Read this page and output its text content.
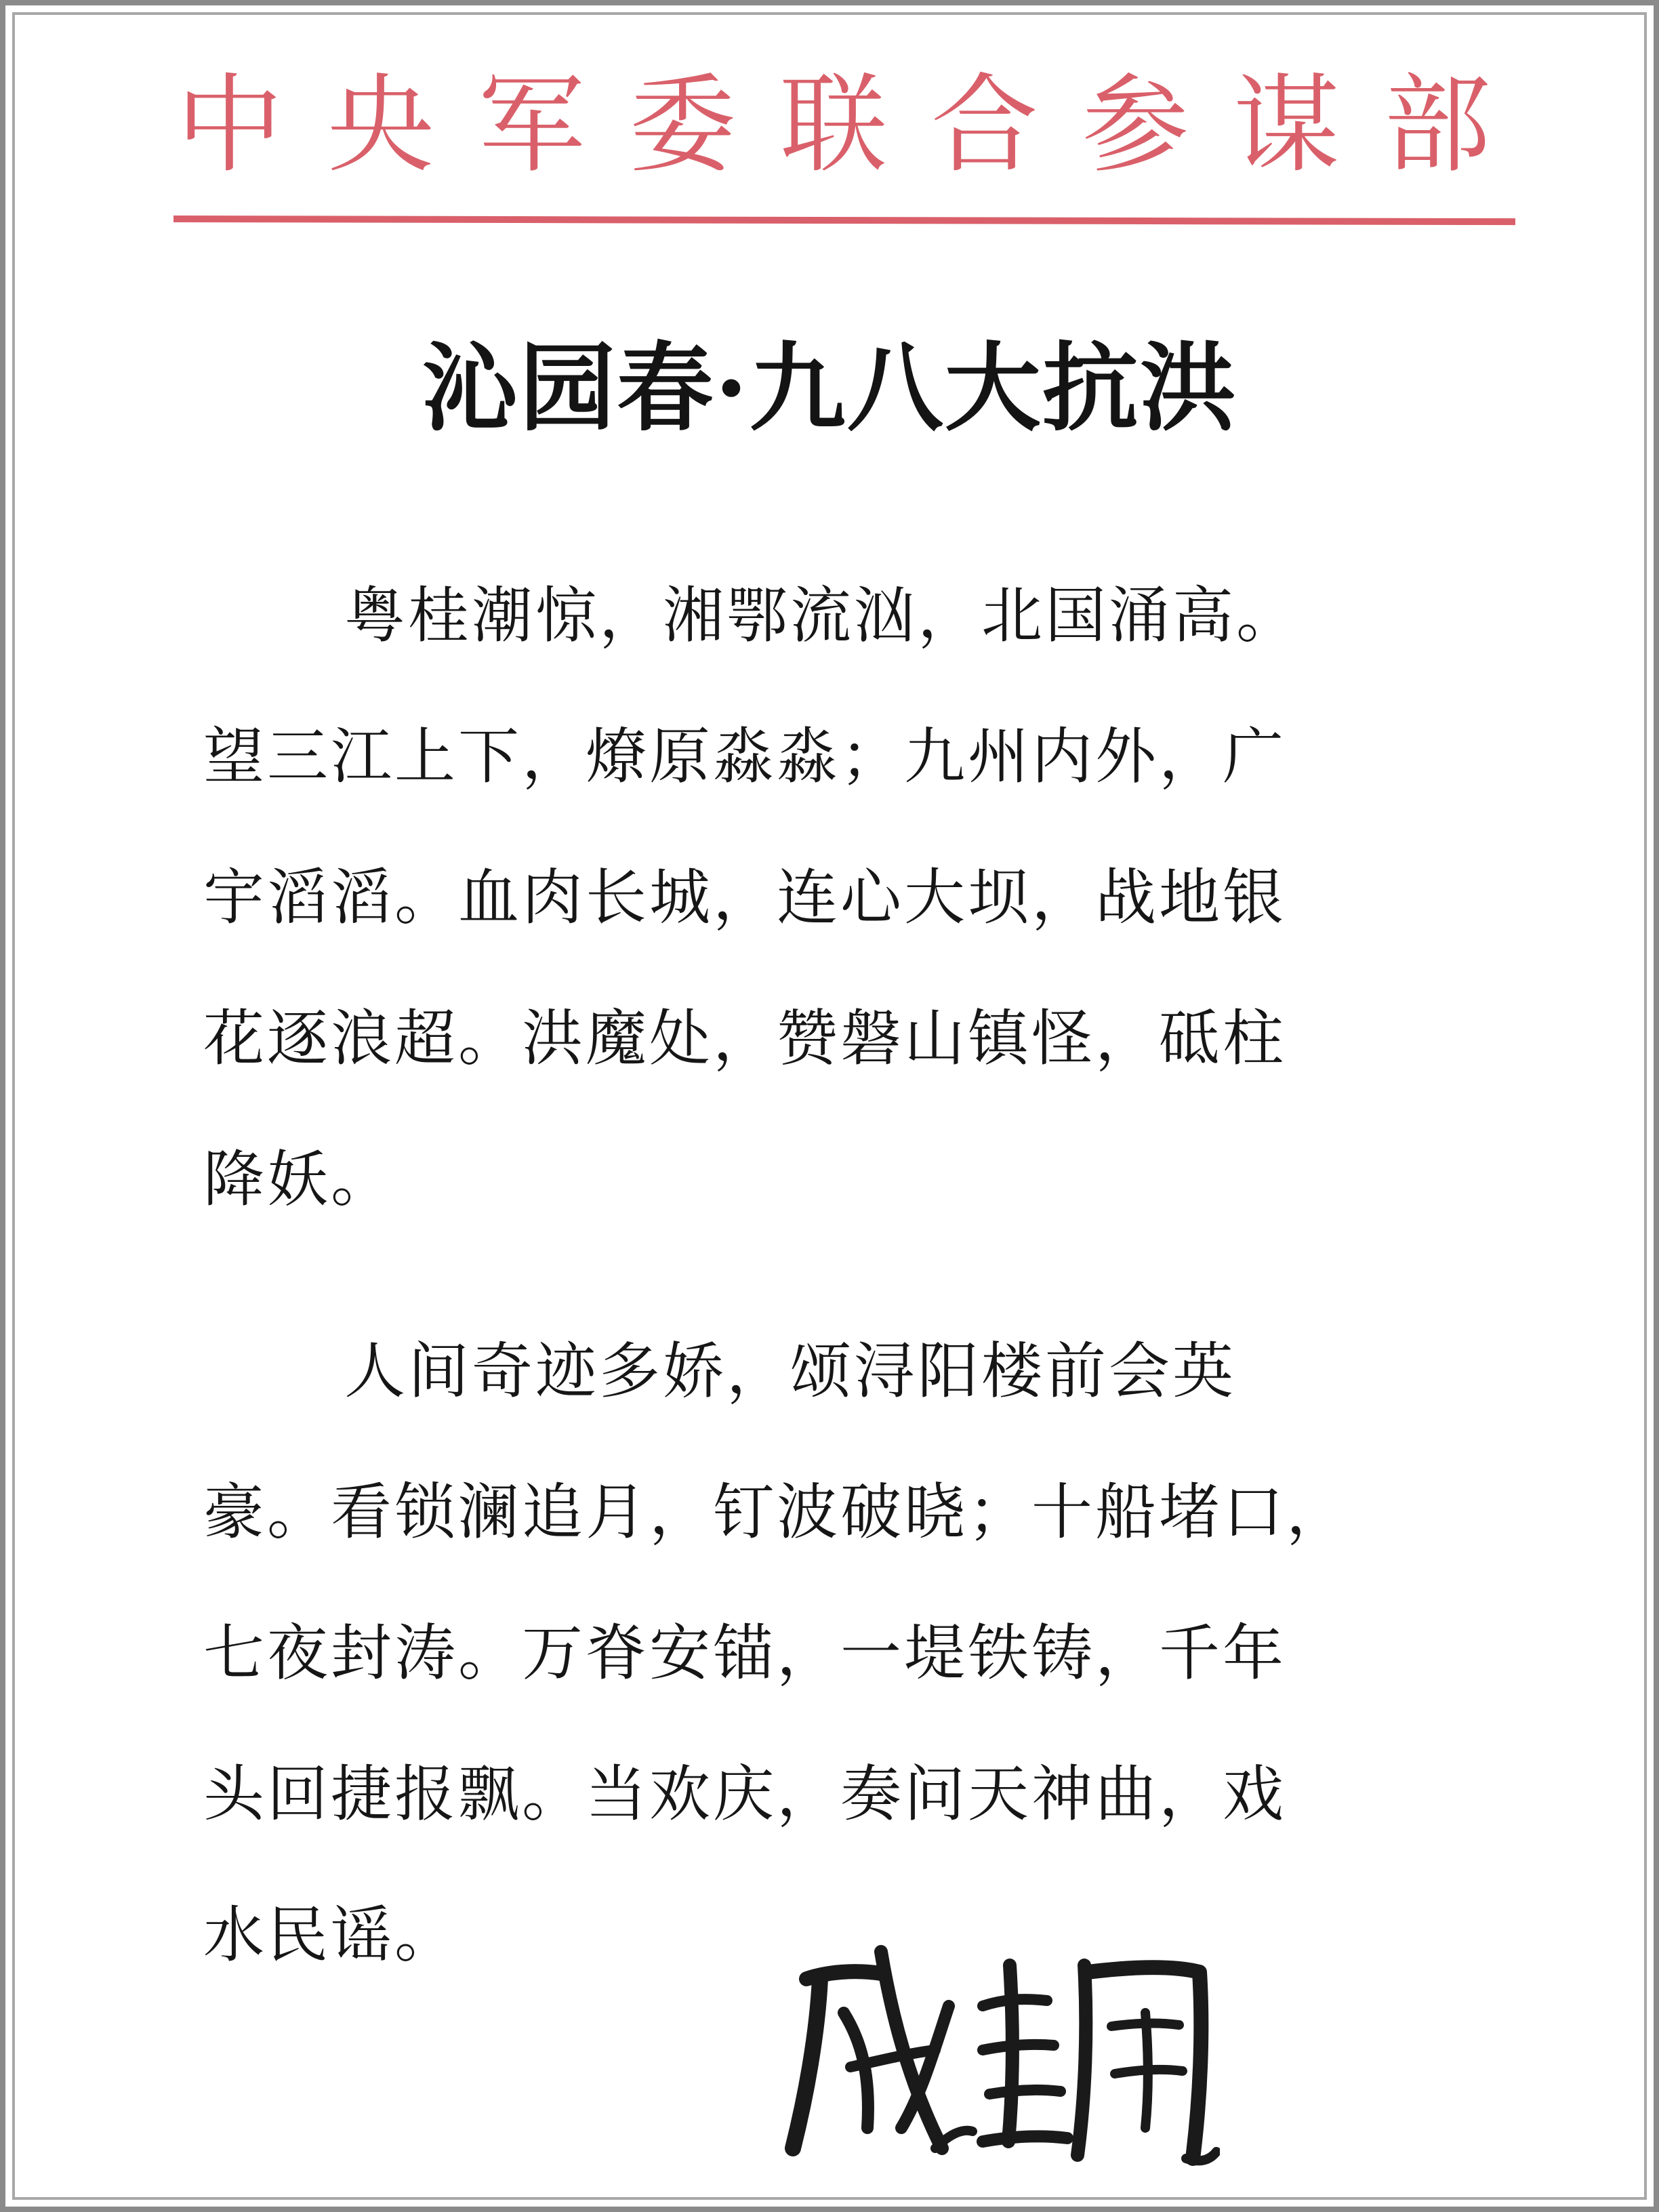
中 央 军 委 联 合 参 谋 部
沁园春·九八大抗洪
粤桂潮惊，湘鄂流汹，北国涌高。
望三江上下，燎原淼淼；九州内外，广
宇滔滔。血肉长城，连心大坝，战地银
花逐浪超。洪魔处，赞磐山镇怪，砥柱
降妖。
人间奇迹多娇，颂浔阳楼前会英
豪。看锁澜追月，钉波破晓；十船堵口，
七夜封涛。万脊安锚，一堤铁铸，千年
头回捷报飘。当欢庆，奏问天神曲，戏
水民谣。
